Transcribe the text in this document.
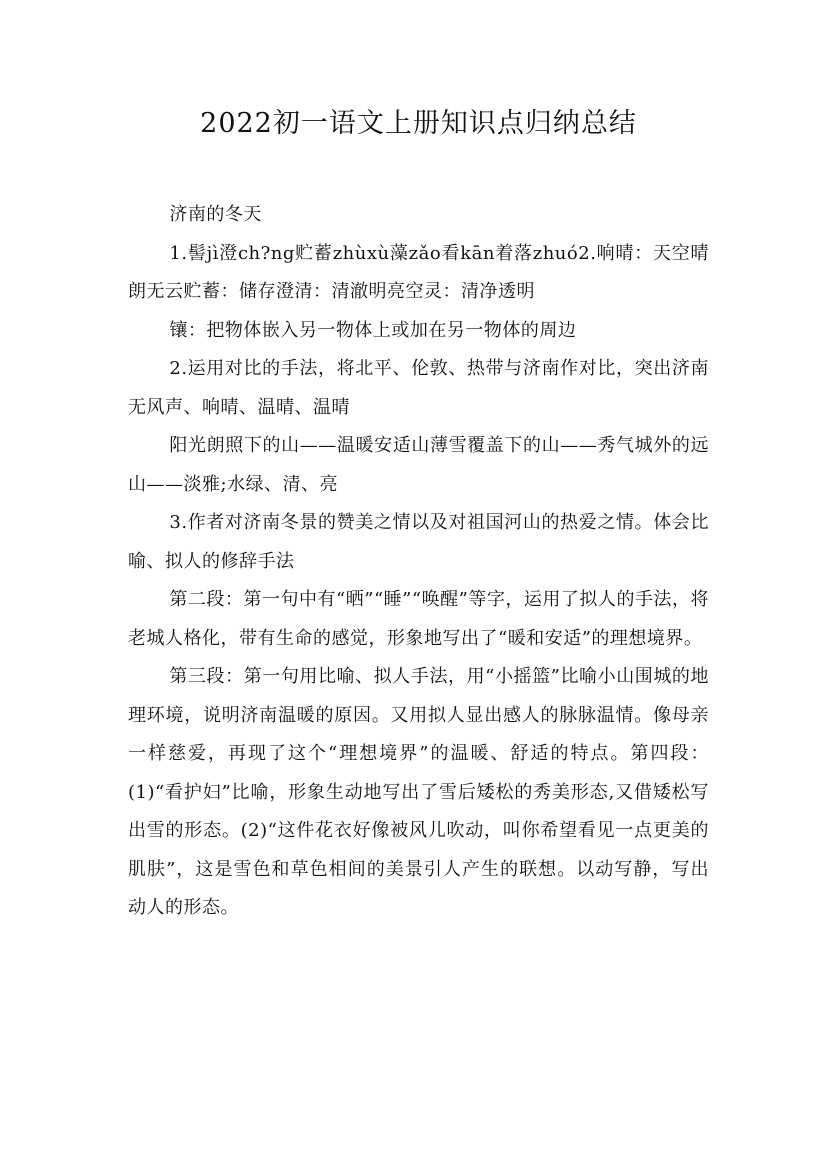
2022初一语文上册知识点归纳总结

济南的冬天

1.髻jì澄ch?ng贮蓄zhùxù藻zǎo看kān着落zhuó2.响晴：天空晴朗无云贮蓄：储存澄清：清澈明亮空灵：清净透明

镶：把物体嵌入另一物体上或加在另一物体的周边

2.运用对比的手法，将北平、伦敦、热带与济南作对比，突出济南无风声、响晴、温晴、温晴

阳光朗照下的山——温暖安适山薄雪覆盖下的山——秀气城外的远山——淡雅;水绿、清、亮

3.作者对济南冬景的赞美之情以及对祖国河山的热爱之情。体会比喻、拟人的修辞手法

第二段：第一句中有“晒”“睡”“唤醒”等字，运用了拟人的手法，将老城人格化，带有生命的感觉，形象地写出了“暖和安适”的理想境界。

第三段：第一句用比喻、拟人手法，用“小摇篮”比喻小山围城的地理环境，说明济南温暖的原因。又用拟人显出感人的脉脉温情。像母亲一样慈爱，再现了这个“理想境界”的温暖、舒适的特点。第四段：(1)“看护妇”比喻，形象生动地写出了雪后矮松的秀美形态,又借矮松写出雪的形态。(2)“这件花衣好像被风儿吹动，叫你希望看见一点更美的肌肤”，这是雪色和草色相间的美景引人产生的联想。以动写静，写出动人的形态。
